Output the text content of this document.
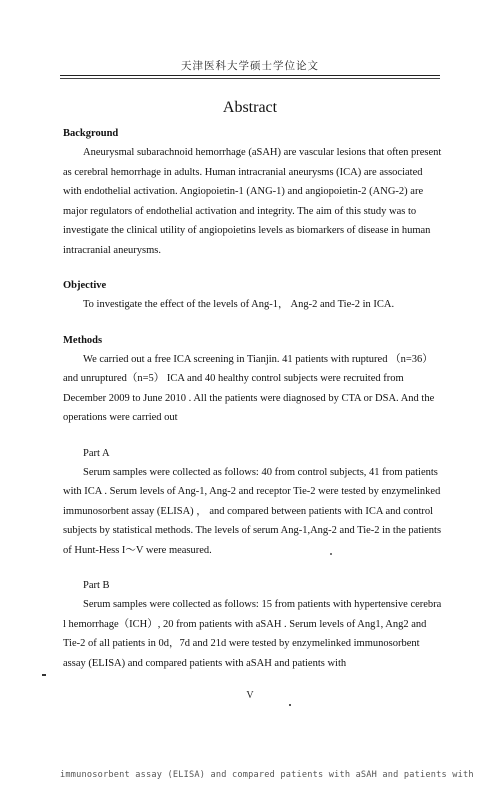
天津医科大学硕士学位论文
Abstract
Background

Aneurysmal subarachnoid hemorrhage (aSAH) are vascular lesions that often present as cerebral hemorrhage in adults. Human intracranial aneurysms (ICA) are associated with endothelial activation. Angiopoietin-1 (ANG-1) and angiopoietin-2 (ANG-2) are major regulators of endothelial activation and integrity. The aim of this study was to investigate the clinical utility of angiopoietins levels as biomarkers of disease in human intracranial aneurysms.

Objective

To investigate the effect of the levels of Ang-1， Ang-2 and Tie-2 in ICA.

Methods

We carried out a free ICA screening in Tianjin. 41 patients with ruptured （n=36） and unruptured（n=5） ICA and 40 healthy control subjects were recruited from December 2009 to June 2010 . All the patients were diagnosed by CTA or DSA. And the operations were carried out

Part A

Serum samples were collected as follows: 40 from control subjects, 41 from patients with ICA . Serum levels of Ang-1, Ang-2 and receptor Tie-2 were tested by enzymelinked immunosorbent assay (ELISA) ， and compared between patients with ICA and control subjects by statistical methods. The levels of serum Ang-1,Ang-2 and Tie-2 in the patients of Hunt-Hess I～V were measured.

Part B

Serum samples were collected as follows: 15 from patients with hypertensive cerebra l hemorrhage（ICH）, 20 from patients with aSAH . Serum levels of Ang1, Ang2 and Tie-2 of all patients in 0d，7d and 21d were tested by enzymelinked immunosorbent assay (ELISA) and compared patients with aSAH and patients with

V
immunosorbent assay (ELISA) and compared patients with aSAH and patients with
